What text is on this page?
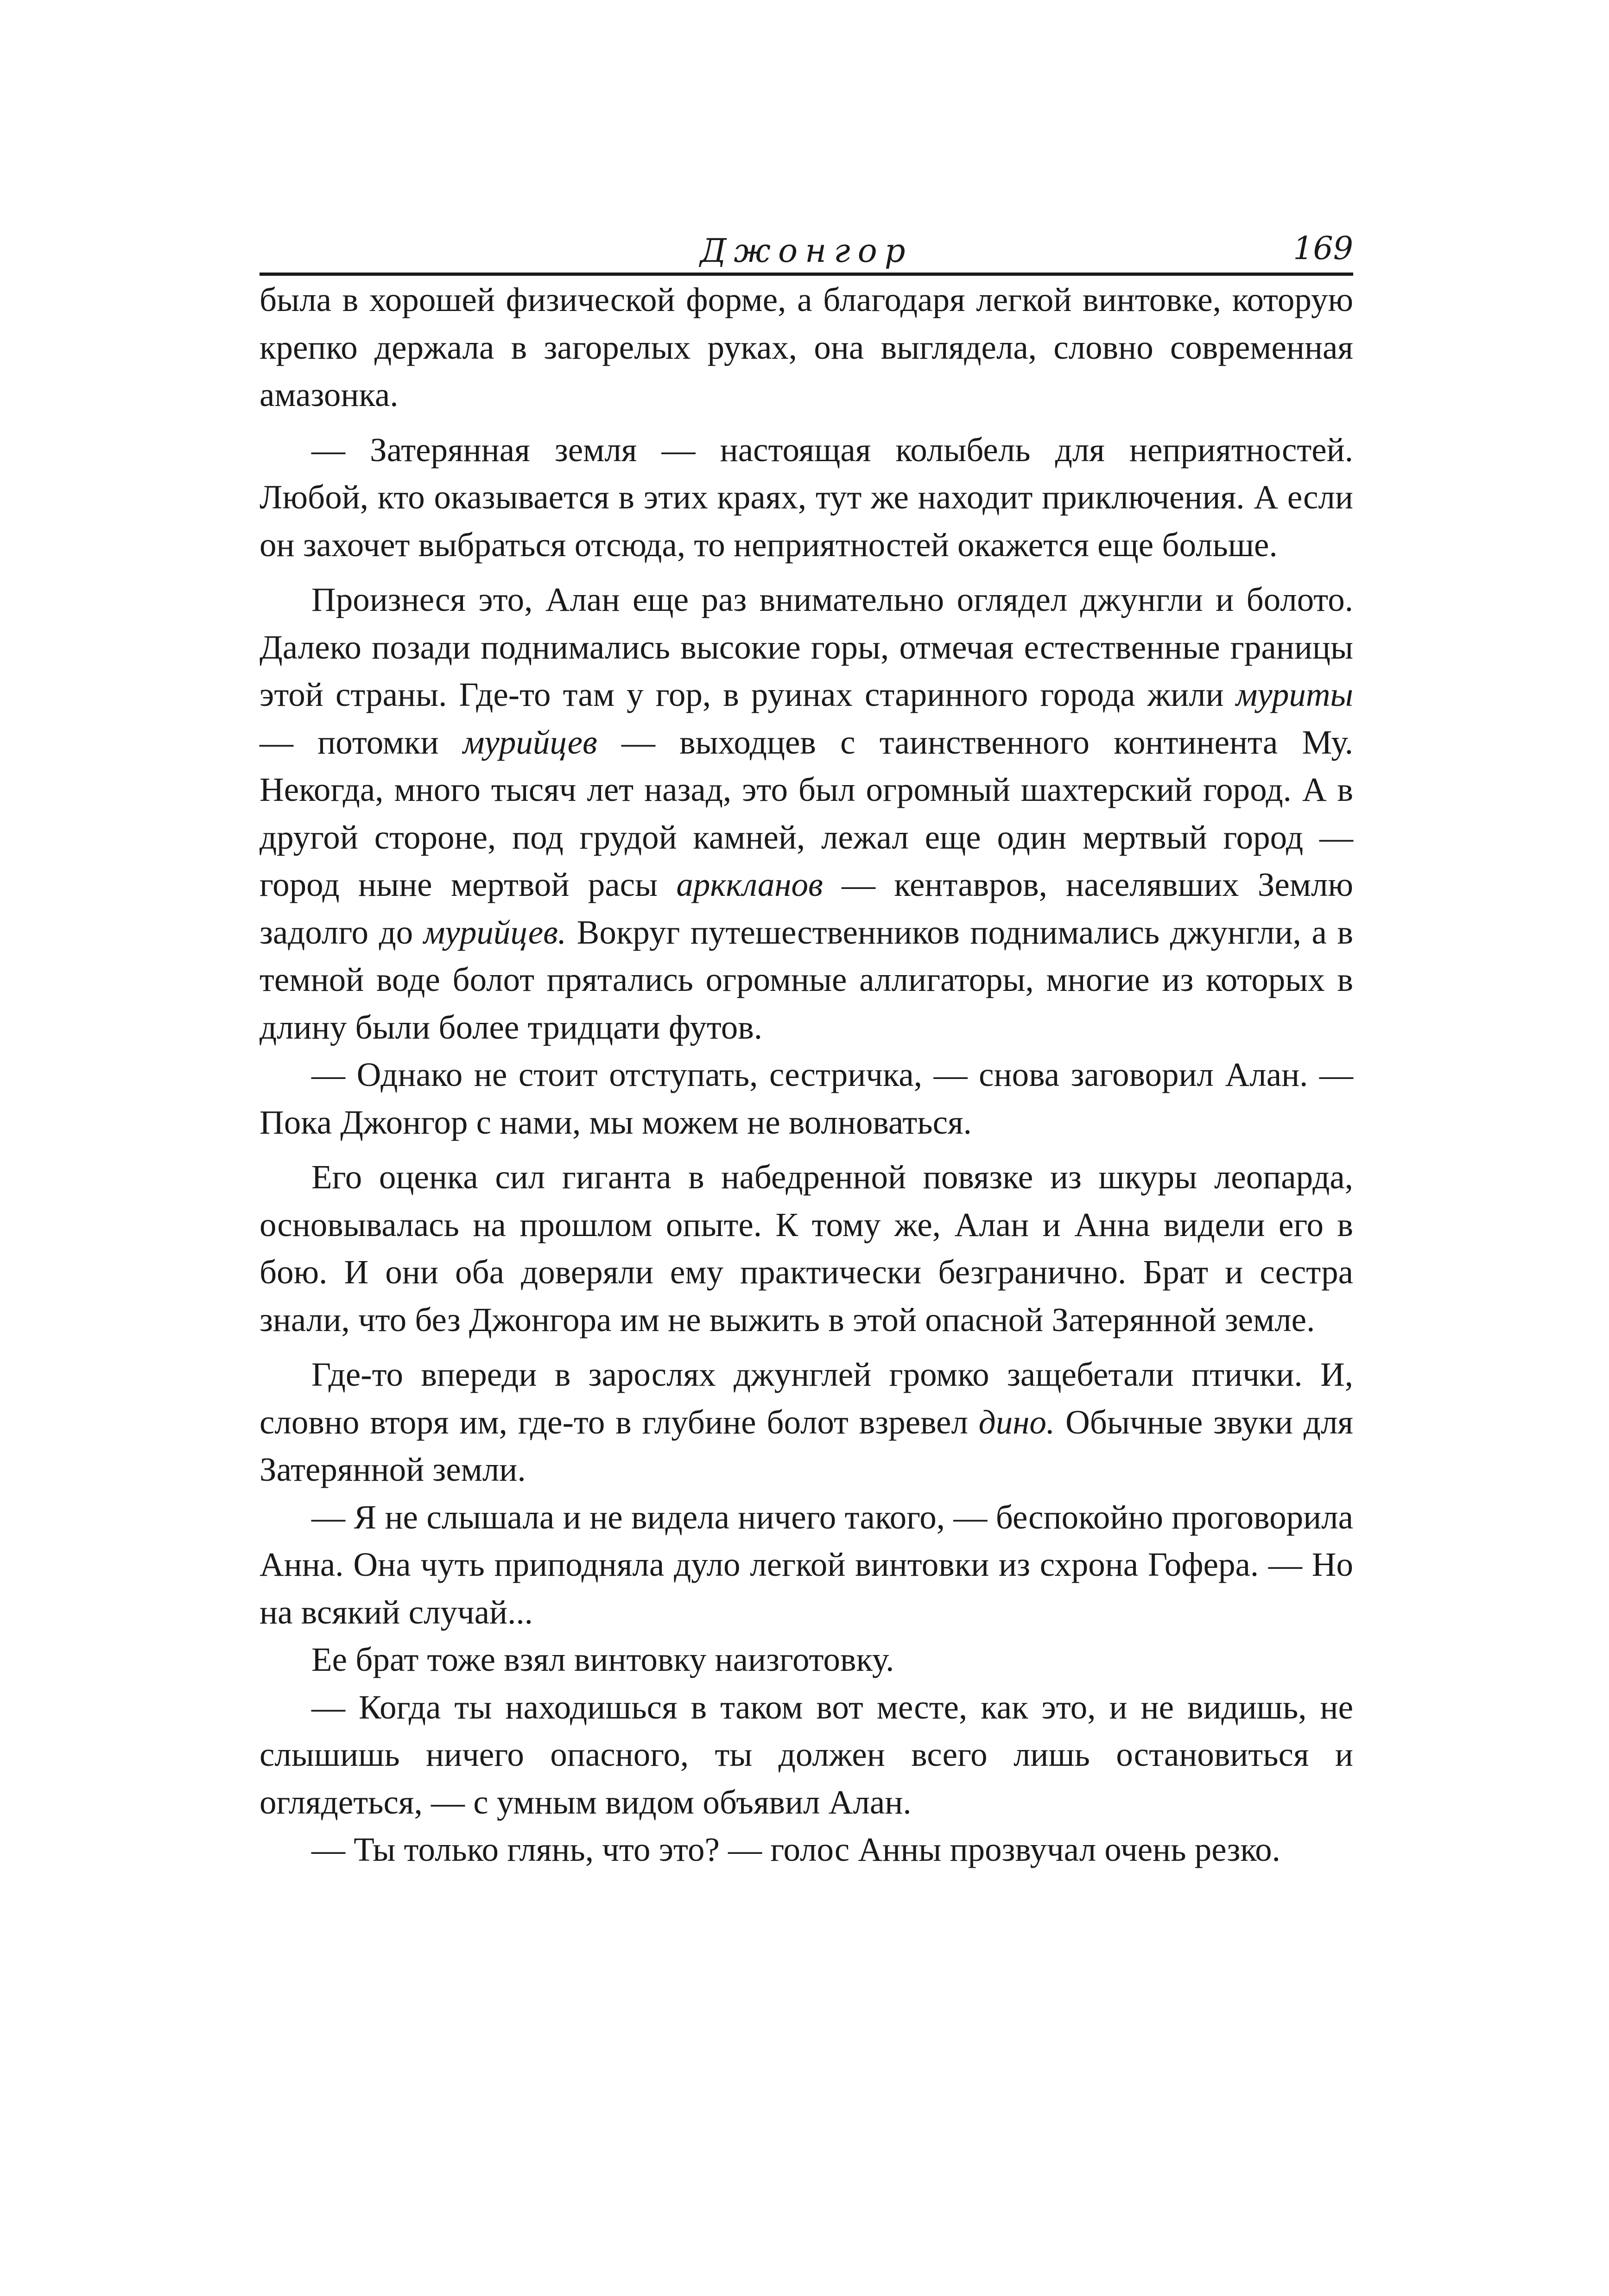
Джонгор	169

была в хорошей физической форме, а благодаря легкой винтовке, которую крепко держала в загорелых руках, она выглядела, словно современная амазонка.

— Затерянная земля — настоящая колыбель для неприятностей. Любой, кто оказывается в этих краях, тут же находит приключения. А если он захочет выбраться отсюда, то неприятностей окажется еще больше.

Произнеся это, Алан еще раз внимательно оглядел джунгли и болото. Далеко позади поднимались высокие горы, отмечая естественные границы этой страны. Где-то там у гор, в руинах старинного города жили муриты — потомки мурийцев — выходцев с таинственного континента Му. Некогда, много тысяч лет назад, это был огромный шахтерский город. А в другой стороне, под грудой камней, лежал еще один мертвый город — город ныне мертвой расы арккланов — кентавров, населявших Землю задолго до мурийцев. Вокруг путешественников поднимались джунгли, а в темной воде болот прятались огромные аллигаторы, многие из которых в длину были более тридцати футов.

— Однако не стоит отступать, сестричка, — снова заговорил Алан. — Пока Джонгор с нами, мы можем не волноваться.

Его оценка сил гиганта в набедренной повязке из шкуры леопарда, основывалась на прошлом опыте. К тому же, Алан и Анна видели его в бою. И они оба доверяли ему практически безгранично. Брат и сестра знали, что без Джонгора им не выжить в этой опасной Затерянной земле.

Где-то впереди в зарослях джунглей громко защебетали птички. И, словно вторя им, где-то в глубине болот взревел дино. Обычные звуки для Затерянной земли.

— Я не слышала и не видела ничего такого, — беспокойно проговорила Анна. Она чуть приподняла дуло легкой винтовки из схрона Гофера. — Но на всякий случай...

Ее брат тоже взял винтовку наизготовку.

— Когда ты находишься в таком вот месте, как это, и не видишь, не слышишь ничего опасного, ты должен всего лишь остановиться и оглядеться, — с умным видом объявил Алан.

— Ты только глянь, что это? — голос Анны прозвучал очень резко.
